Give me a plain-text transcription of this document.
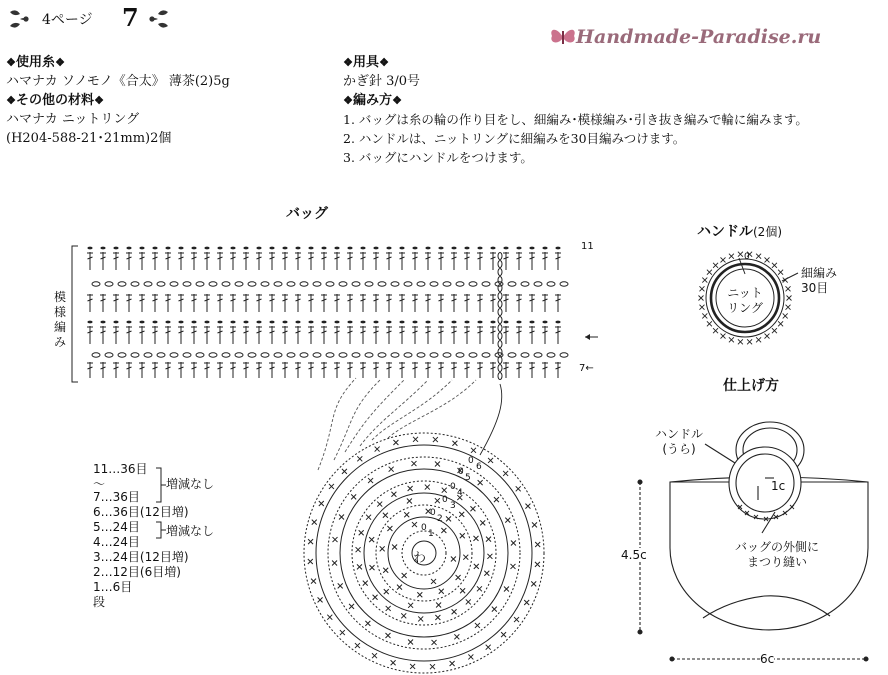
4ページ 7
Handmade-Paradise.ru
❖使用糸❖
ハマナカ ソノモノ《合太》 薄茶(2)5g
❖その他の材料❖
ハマナカ ニットリング
(H204-588-21･21mm)2個
❖用具❖
かぎ針 3/0号
❖編み方❖
1. バッグは糸の輪の作り目をし、細編み･模様編み･引き抜き編みで輪に編みます。
2. ハンドルは、ニットリングに細編みを30目編みつけます。
3. バッグにハンドルをつけます。
バッグ
模様編み
11
7←
わ
0
6
0
5
0
4
0
3
0
2
0
1
11…36目
〜
7…36目
6…36目(12目増)
5…24目
4…24目
3…24目(12目増)
2…12目(6目増)
1…6目
段
増減なし
増減なし
ハンドル(2個)
ニット
リング
細編み
30目
0
仕上げ方
ハンドル
(うら)
1c
バッグの外側に
まつり縫い
4.5c
6c
